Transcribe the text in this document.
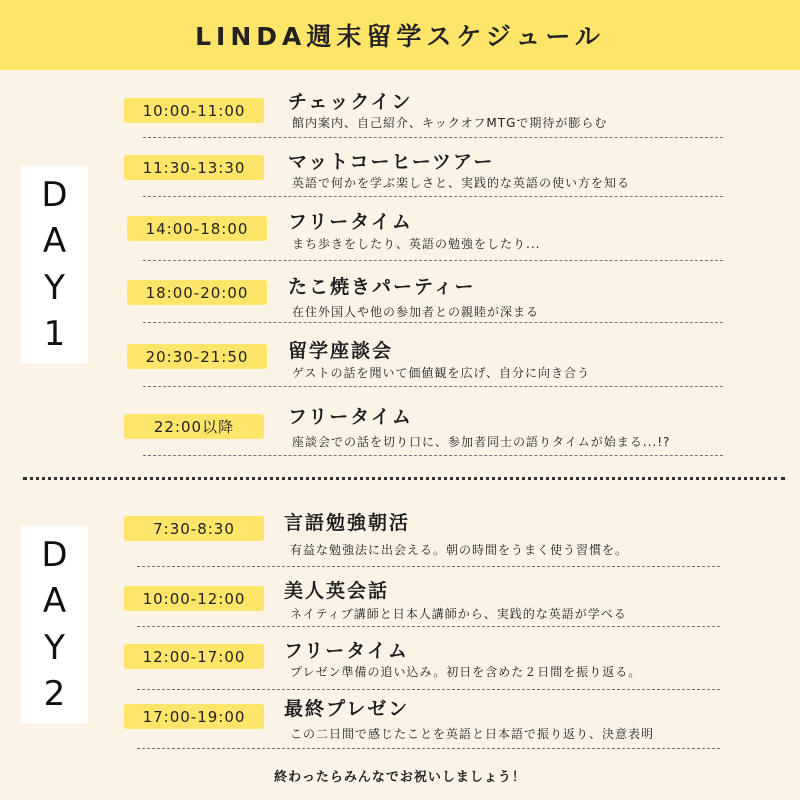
LINDA週末留学スケジュール
D
A
Y
1
10:00-11:00	チェックイン
館内案内、自己紹介、キックオフMTGで期待が膨らむ
11:30-13:30	マットコーヒーツアー
英語で何かを学ぶ楽しさと、実践的な英語の使い方を知る
14:00-18:00	フリータイム
まち歩きをしたり、英語の勉強をしたり...
18:00-20:00	たこ焼きパーティー
在住外国人や他の参加者との親睦が深まる
20:30-21:50	留学座談会
ゲストの話を聞いて価値観を広げ、自分に向き合う
22:00以降	フリータイム
座談会での話を切り口に、参加者同士の語りタイムが始まる...!?
D
A
Y
2
7:30-8:30	言語勉強朝活
有益な勉強法に出会える。朝の時間をうまく使う習慣を。
10:00-12:00	美人英会話
ネイティブ講師と日本人講師から、実践的な英語が学べる
12:00-17:00	フリータイム
プレゼン準備の追い込み。初日を含めた２日間を振り返る。
17:00-19:00	最終プレゼン
この二日間で感じたことを英語と日本語で振り返り、決意表明
終わったらみんなでお祝いしましょう！
